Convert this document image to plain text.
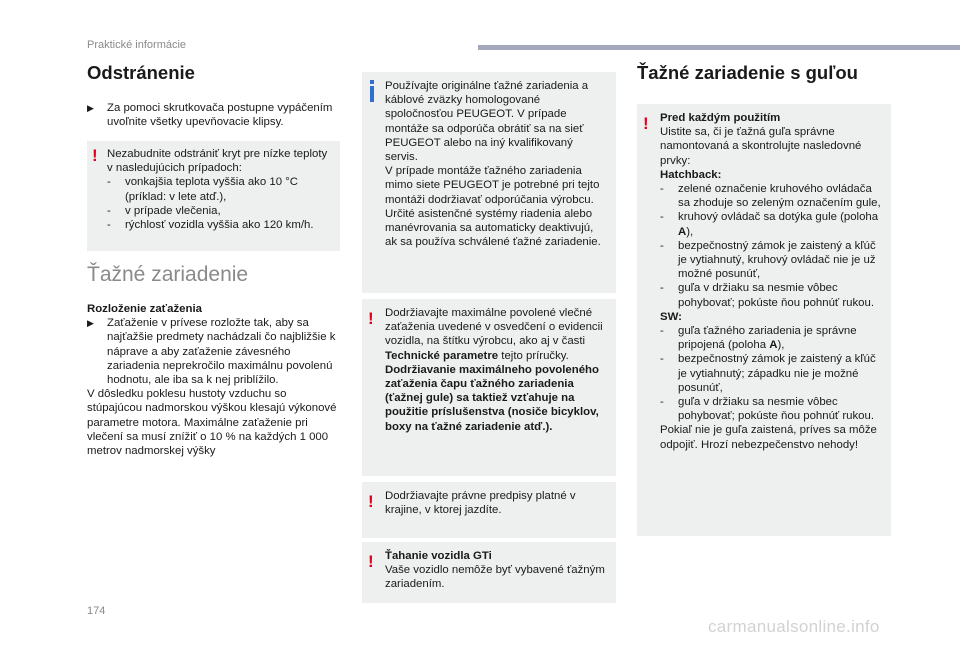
Praktické informácie
Odstránenie
▶ Za pomoci skrutkovača postupne vypáčením uvoľnite všetky upevňovacie klipsy.
! Nezabudnite odstrániť kryt pre nízke teploty v nasledujúcich prípadoch:

- vonkajšia teplota vyššia ako 10 °C (príklad: v lete atď.),
- v prípade vlečenia,
- rýchlosť vozidla vyššia ako 120 km/h.
Ťažné zariadenie

Rozloženie zaťaženia

▶ Zaťaženie v prívese rozložte tak, aby sa najťažšie predmety nachádzali čo najbližšie k náprave a aby zaťaženie závesného zariadenia neprekročilo maximálnu povolenú hodnotu, ale iba sa k nej priblížilo.

V dôsledku poklesu hustoty vzduchu so stúpajúcou nadmorskou výškou klesajú výkonové parametre motora. Maximálne zaťaženie pri vlečení sa musí znížiť o 10 % na každých 1 000 metrov nadmorskej výšky

Používajte originálne ťažné zariadenia a káblové zväzky homologované spoločnosťou PEUGEOT. V prípade montáže sa odporúča obrátiť sa na sieť PEUGEOT alebo na iný kvalifikovaný servis.

V prípade montáže ťažného zariadenia mimo siete PEUGEOT je potrebné pri tejto montáži dodržiavať odporúčania výrobcu. Určité asistenčné systémy riadenia alebo manévrovania sa automaticky deaktivujú, ak sa používa schválené ťažné zariadenie.

! Dodržiavajte maximálne povolené vlečné zaťaženia uvedené v osvedčení o evidencii vozidla, na štítku výrobcu, ako aj v časti Technické parametre tejto príručky.

Dodržiavanie maximálneho povoleného zaťaženia čapu ťažného zariadenia (ťažnej gule) sa taktiež vzťahuje na použitie príslušenstva (nosiče bicyklov, boxy na ťažné zariadenie atď.).

! Dodržiavajte právne predpisy platné v krajine, v ktorej jazdíte.

! Ťahanie vozidla GTi

Vaše vozidlo nemôže byť vybavené ťažným zariadením.

Ťažné zariadenie s guľou
! Pred každým použitím

Uistite sa, či je ťažná guľa správne namontovaná a skontrolujte nasledovné prvky:

Hatchback:

- zelené označenie kruhového ovládača sa zhoduje so zeleným označením gule,
- kruhový ovládač sa dotýka gule (poloha A),
- bezpečnostný zámok je zaistený a kľúč je vytiahnutý, kruhový ovládač nie je už možné posunúť,
- guľa v držiaku sa nesmie vôbec pohybovať; pokúste ňou pohnúť rukou.

SW:

- guľa ťažného zariadenia je správne pripojená (poloha A),
- bezpečnostný zámok je zaistený a kľúč je vytiahnutý; západku nie je možné posunúť,
- guľa v držiaku sa nesmie vôbec pohybovať; pokúste ňou pohnúť rukou.

Pokiaľ nie je guľa zaistená, príves sa môže odpojiť. Hrozí nebezpečenstvo nehody!

174
carmanualsonline.info
